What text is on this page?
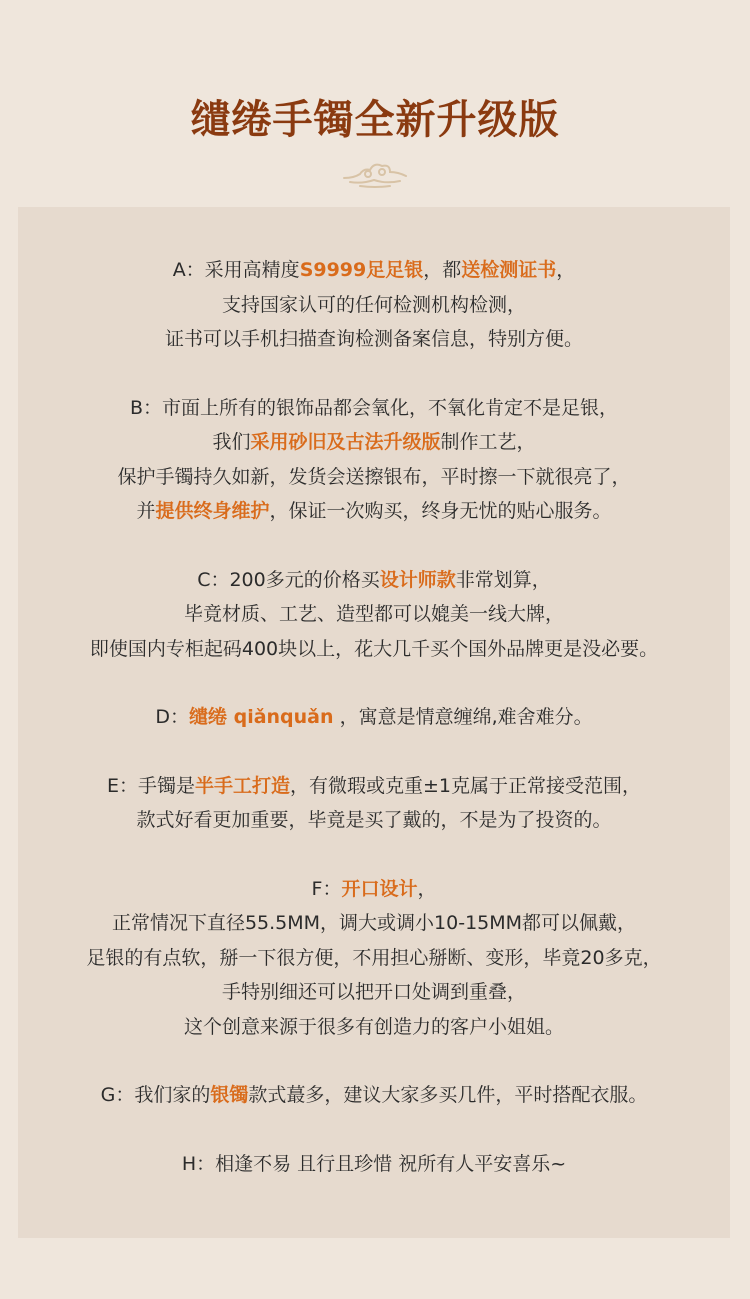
缱绻手镯全新升级版
A：采用高精度S9999足足银，都送检测证书，
支持国家认可的任何检测机构检测，
证书可以手机扫描查询检测备案信息，特别方便。
B：市面上所有的银饰品都会氧化，不氧化肯定不是足银，
我们采用砂旧及古法升级版制作工艺，
保护手镯持久如新，发货会送擦银布，平时擦一下就很亮了，
并提供终身维护，保证一次购买，终身无忧的贴心服务。
C：200多元的价格买设计师款非常划算，
毕竟材质、工艺、造型都可以媲美一线大牌，
即使国内专柜起码400块以上，花大几千买个国外品牌更是没必要。
D：缱绻 qiǎnquǎn ，寓意是情意缠绵,难舍难分。
E：手镯是半手工打造，有微瑕或克重±1克属于正常接受范围，
款式好看更加重要，毕竟是买了戴的，不是为了投资的。
F：开口设计，
正常情况下直径55.5MM，调大或调小10-15MM都可以佩戴，
足银的有点软，掰一下很方便，不用担心掰断、变形，毕竟20多克，
手特别细还可以把开口处调到重叠，
这个创意来源于很多有创造力的客户小姐姐。
G：我们家的银镯款式蕞多，建议大家多买几件，平时搭配衣服。
H：相逢不易 且行且珍惜 祝所有人平安喜乐~
